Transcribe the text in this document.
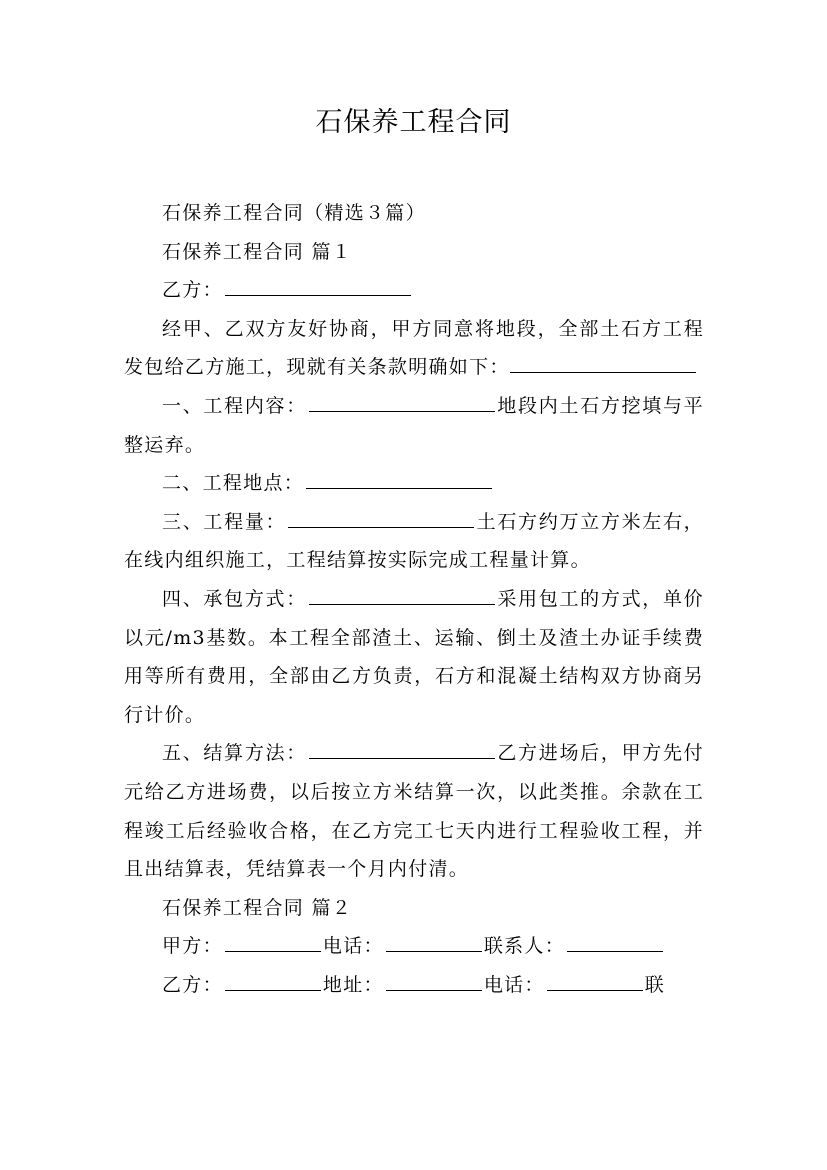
石保养工程合同

石保养工程合同（精选３篇）

石保养工程合同 篇１

乙方：

经甲、乙双方友好协商，甲方同意将地段，全部土石方工程发包给乙方施工，现就有关条款明确如下：

一、工程内容：	地段内土石方挖填与平整运弃。

二、工程地点：

三、工程量：	土石方约万立方米左右，在线内组织施工，工程结算按实际完成工程量计算。

四、承包方式：	采用包工的方式，单价以元/m3基数。本工程全部渣土、运输、倒土及渣土办证手续费用等所有费用，全部由乙方负责，石方和混凝土结构双方协商另行计价。

五、结算方法：	乙方进场后，甲方先付元给乙方进场费，以后按立方米结算一次，以此类推。余款在工程竣工后经验收合格，在乙方完工七天内进行工程验收工程，并且出结算表，凭结算表一个月内付清。

石保养工程合同 篇２

甲方：	电话：	联系人：

乙方：	地址：	电话：	联
